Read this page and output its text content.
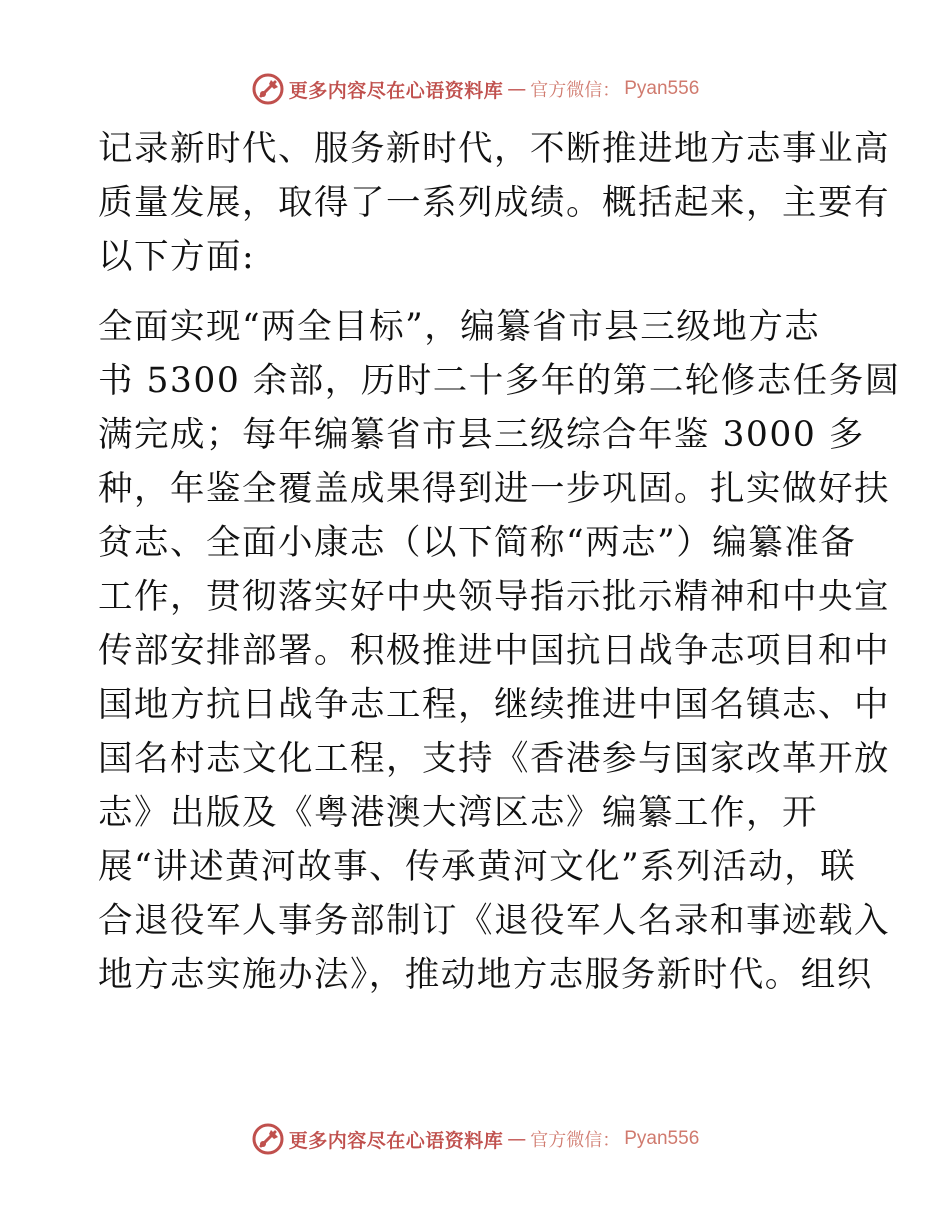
更多内容尽在心语资料库 — 官方微信： Pyan556
记录新时代、服务新时代，不断推进地方志事业高
质量发展，取得了一系列成绩。概括起来，主要有
以下方面:
全面实现“两全目标”，编纂省市县三级地方志
书 5300 余部，历时二十多年的第二轮修志任务圆
满完成；每年编纂省市县三级综合年鉴 3000 多
种，年鉴全覆盖成果得到进一步巩固。扎实做好扶
贫志、全面小康志（以下简称“两志”）编纂准备
工作，贯彻落实好中央领导指示批示精神和中央宣
传部安排部署。积极推进中国抗日战争志项目和中
国地方抗日战争志工程，继续推进中国名镇志、中
国名村志文化工程，支持《香港参与国家改革开放
志》出版及《粤港澳大湾区志》编纂工作，开
展“讲述黄河故事、传承黄河文化”系列活动，联
合退役军人事务部制订《退役军人名录和事迹载入
地方志实施办法》，推动地方志服务新时代。组织
更多内容尽在心语资料库 — 官方微信： Pyan556
